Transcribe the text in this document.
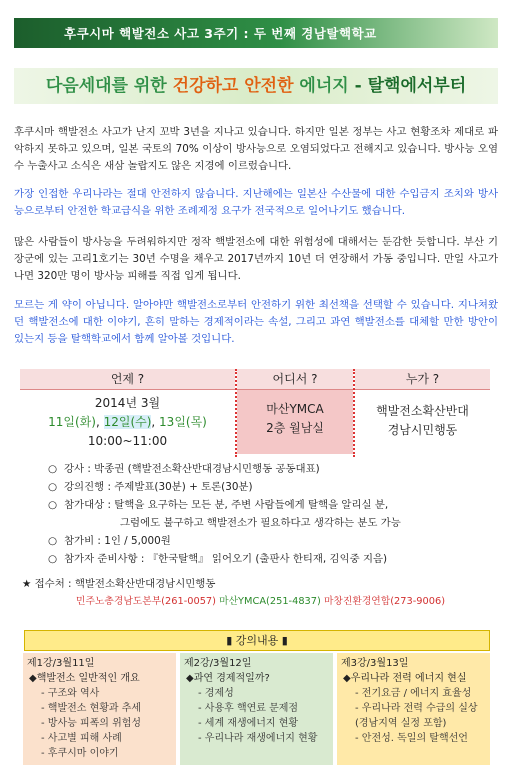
후쿠시마 핵발전소 사고 3주기 : 두 번째 경남탈핵학교
다음세대를 위한 건강하고 안전한 에너지 - 탈핵에서부터
후쿠시마 핵발전소 사고가 난지 꼬박 3년을 지나고 있습니다. 하지만 일본 정부는 사고 현황조차 제대로 파악하지 못하고 있으며, 일본 국토의 70% 이상이 방사능으로 오염되었다고 전해지고 있습니다. 방사능 오염수 누출사고 소식은 새삼 놀랍지도 않은 지경에 이르렀습니다.
가장 인접한 우리나라는 절대 안전하지 않습니다. 지난해에는 일본산 수산물에 대한 수입금지 조치와 방사능으로부터 안전한 학교급식을 위한 조례제정 요구가 전국적으로 일어나기도 했습니다.
많은 사람들이 방사능을 두려워하지만 정작 핵발전소에 대한 위험성에 대해서는 둔감한 듯합니다. 부산 기장군에 있는 고리1호기는 30년 수명을 채우고 2017년까지 10년 더 연장해서 가동 중입니다. 만일 사고가 나면 320만 명이 방사능 피해를 직접 입게 됩니다.
모르는 게 약이 아닙니다. 알아야만 핵발전소로부터 안전하기 위한 최선책을 선택할 수 있습니다. 지나쳐왔던 핵발전소에 대한 이야기, 흔히 말하는 경제적이라는 속설, 그리고 과연 핵발전소를 대체할 만한 방안이 있는지 등을 탈핵학교에서 함께 알아볼 것입니다.
언제 ?
2014년 3월
11일(화), 12일(수), 13일(목)
10:00~11:00
어디서 ?
마산YMCA
2층 월남실
누가 ?
핵발전소확산반대
경남시민행동
○ 강사 : 박종권 (핵발전소확산반대경남시민행동 공동대표)
○ 강의진행 : 주제발표(30분) + 토론(30분)
○ 참가대상 : 탈핵을 요구하는 모든 분, 주변 사람들에게 탈핵을 알리실 분,
그럼에도 불구하고 핵발전소가 필요하다고 생각하는 분도 가능
○ 참가비 : 1인 / 5,000원
○ 참가자 준비사항 : 『한국탈핵』 읽어오기 (출판사 한티재, 김익중 지음)
★ 접수처 : 핵발전소확산반대경남시민행동
민주노총경남도본부(261-0057) 마산YMCA(251-4837) 마창진환경연합(273-9006)
▮ 강의내용 ▮
제1강/3월11일
◆핵발전소 일반적인 개요
- 구조와 역사
- 핵발전소 현황과 추세
- 방사능 피폭의 위험성
- 사고별 피해 사례
- 후쿠시마 이야기
제2강/3월12일
◆과연 경제적일까?
- 경제성
- 사용후 핵연료 문제점
- 세계 재생에너지 현황
- 우리나라 재생에너지 현황
제3강/3월13일
◆우리나라 전력 에너지 현실
- 전기요금 / 에너지 효율성
- 우리나라 전력 수급의 실상 (경남지역 실정 포함)
- 안전성. 독일의 탈핵선언
